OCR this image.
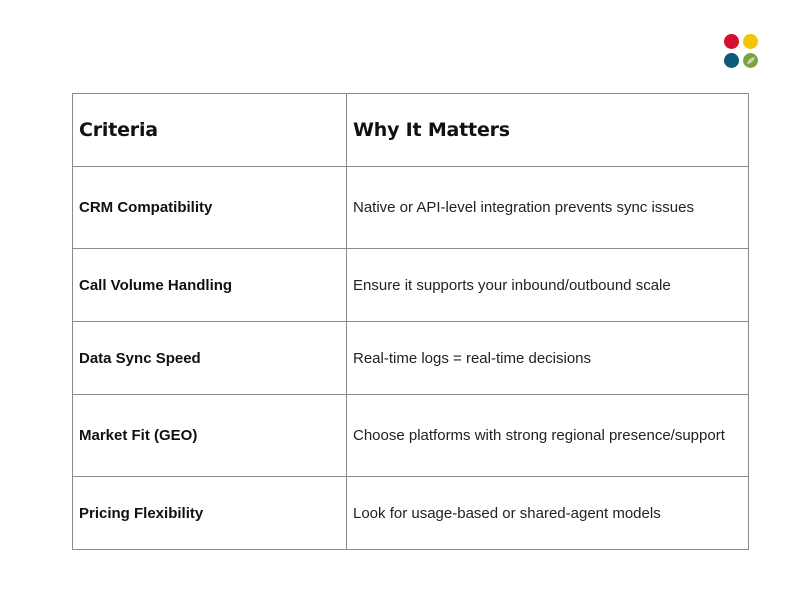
Criteria	Why It Matters
CRM Compatibility	Native or API-level integration prevents sync issues
Call Volume Handling	Ensure it supports your inbound/outbound scale
Data Sync Speed	Real-time logs = real-time decisions
Market Fit (GEO)	Choose platforms with strong regional presence/support
Pricing Flexibility	Look for usage-based or shared-agent models
